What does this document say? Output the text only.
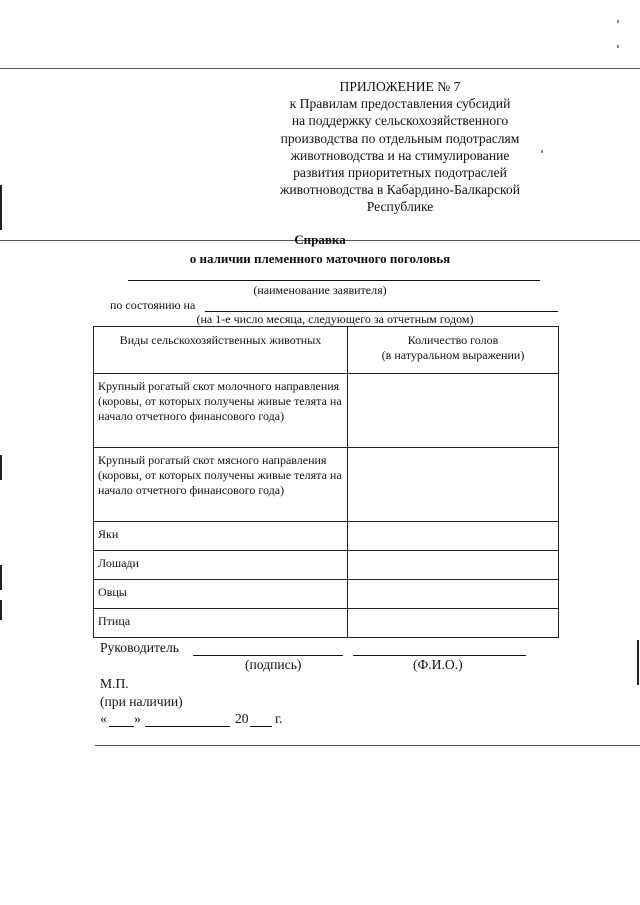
ПРИЛОЖЕНИЕ № 7
к Правилам предоставления субсидий
на поддержку сельскохозяйственного
производства по отдельным подотраслям
животноводства и на стимулирование
развития приоритетных подотраслей
животноводства в Кабардино-Балкарской
Республике
Справка
о наличии племенного маточного поголовья
(наименование заявителя)
по состоянию на
(на 1-е число месяца, следующего за отчетным годом)
Виды сельскохозяйственных животных	Количество голов
(в натуральном выражении)

Крупный рогатый скот молочного направления (коровы, от которых получены живые телята на начало отчетного финансового года)	
Крупный рогатый скот мясного направления (коровы, от которых получены живые телята на начало отчетного финансового года)	
Яки	
Лошади	
Овцы	
Птица	
Руководитель
(подпись)	(Ф.И.О.)
М.П.
(при наличии)
« »	20 г.
